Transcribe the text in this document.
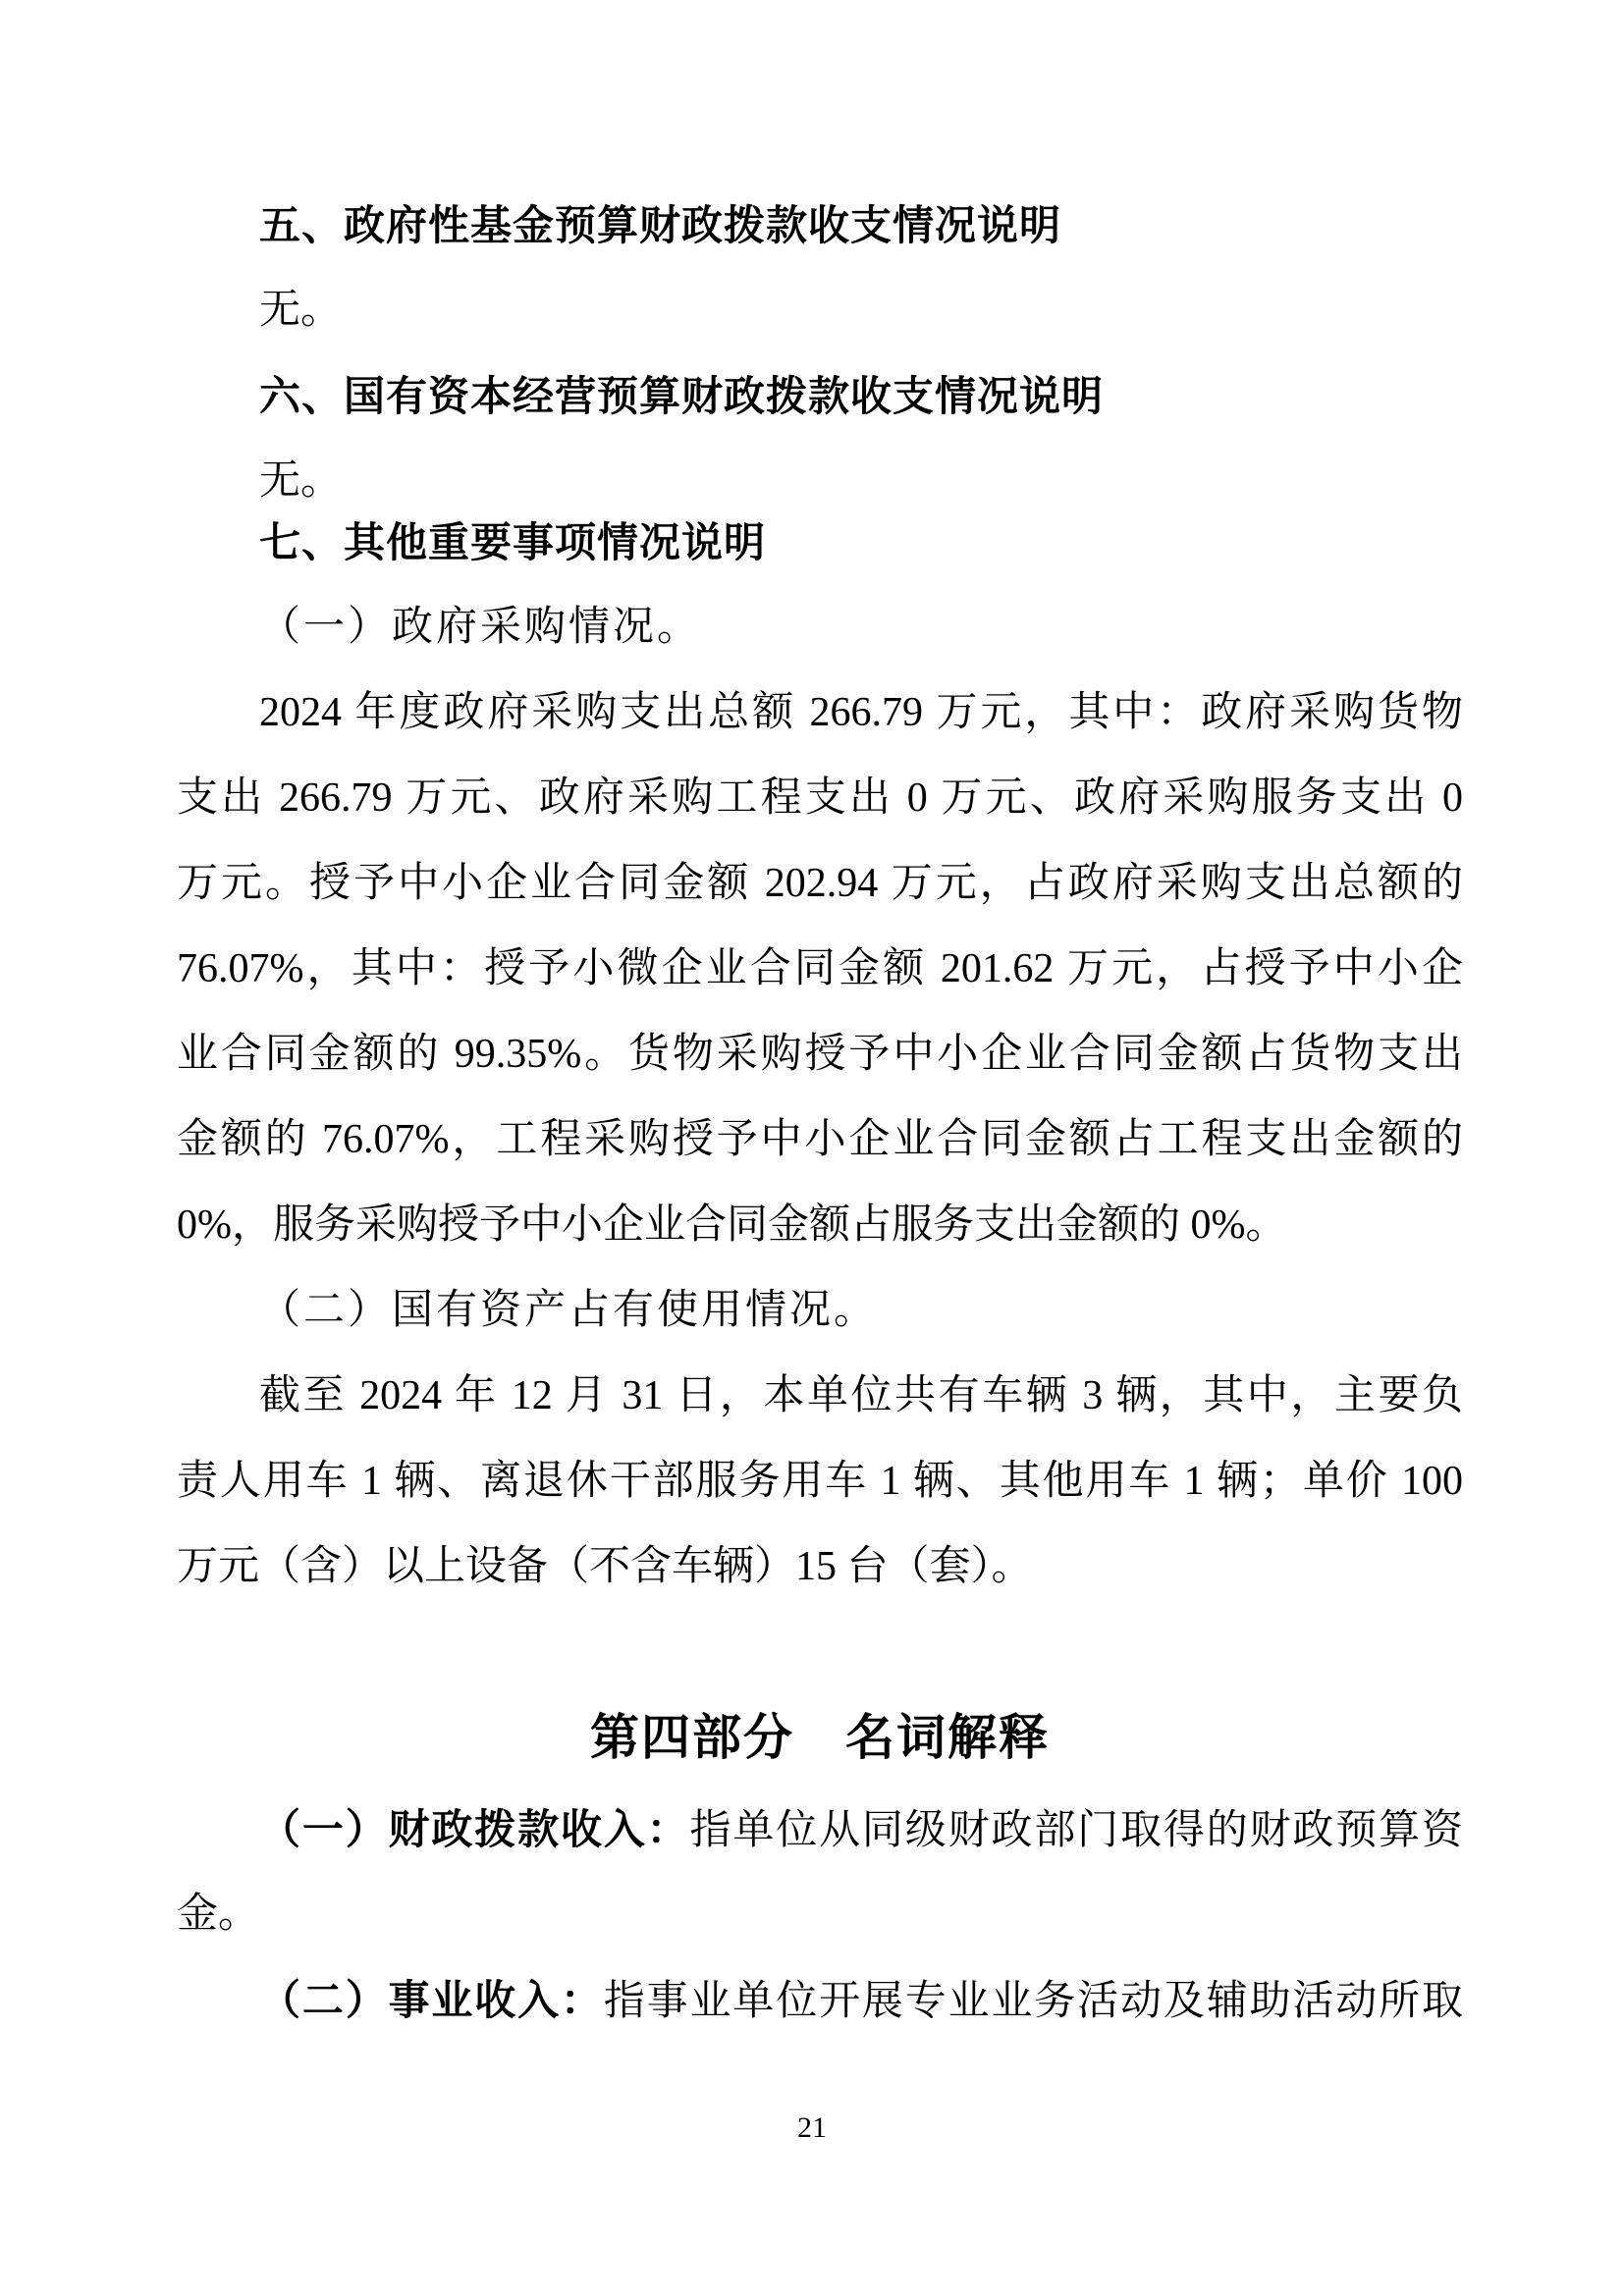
五、政府性基金预算财政拨款收支情况说明
无。
六、国有资本经营预算财政拨款收支情况说明
无。
七、其他重要事项情况说明
（一）政府采购情况。
2024 年度政府采购支出总额 266.79 万元，其中：政府采购货物
支出 266.79 万元、政府采购工程支出 0 万元、政府采购服务支出 0
万元。授予中小企业合同金额 202.94 万元，占政府采购支出总额的
76.07%，其中：授予小微企业合同金额 201.62 万元，占授予中小企
业合同金额的 99.35%。货物采购授予中小企业合同金额占货物支出
金额的 76.07%，工程采购授予中小企业合同金额占工程支出金额的
0%，服务采购授予中小企业合同金额占服务支出金额的 0%。
（二）国有资产占有使用情况。
截至 2024 年 12 月 31 日，本单位共有车辆 3 辆，其中，主要负
责人用车 1 辆、离退休干部服务用车 1 辆、其他用车 1 辆；单价 100
万元（含）以上设备（不含车辆）15 台（套）。
第四部分　名词解释
（一）财政拨款收入：指单位从同级财政部门取得的财政预算资
金。
（二）事业收入：指事业单位开展专业业务活动及辅助活动所取
21
